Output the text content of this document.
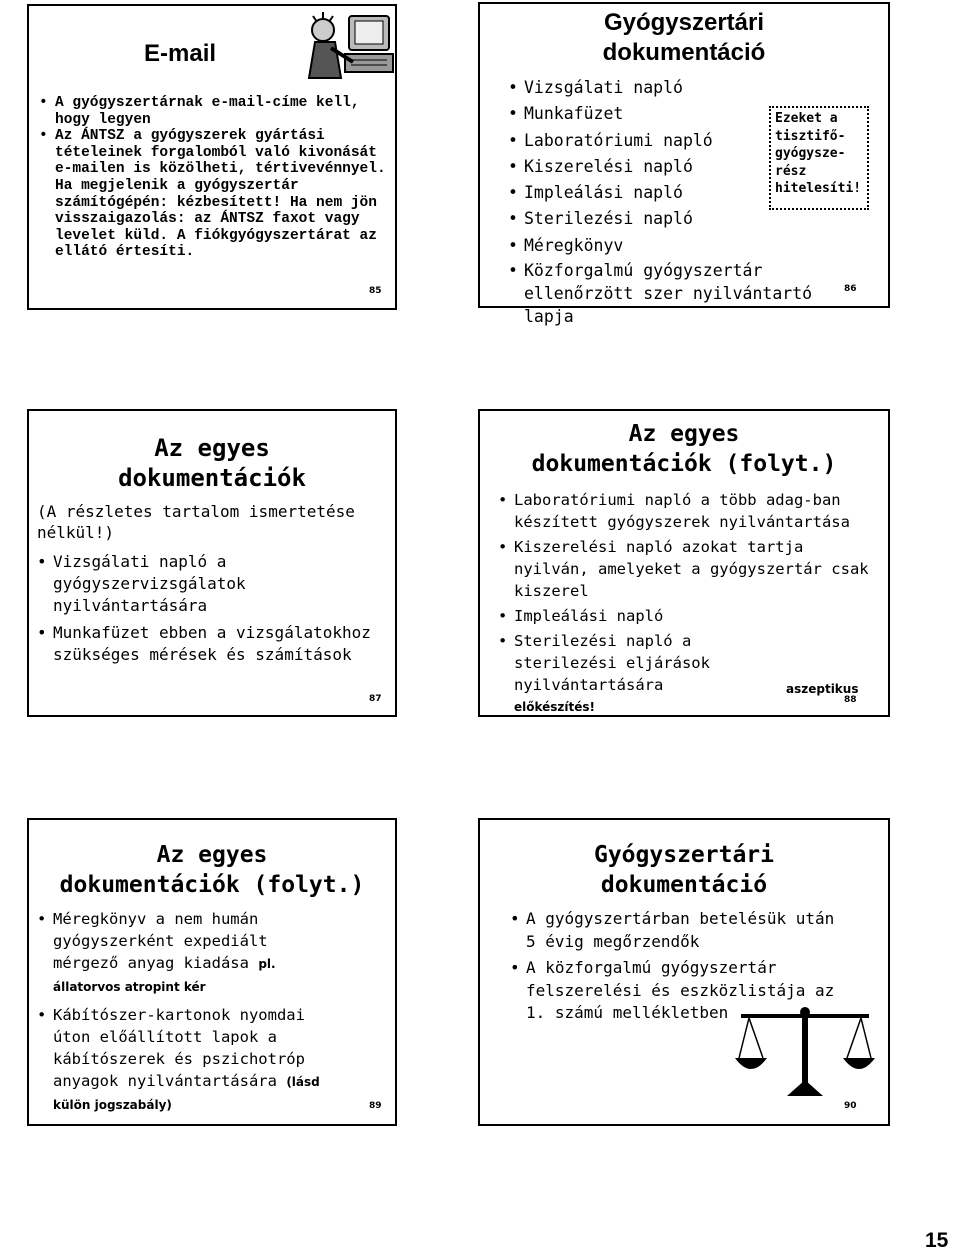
E-mail
• A gyógyszertárnak e-mail-címe kell, hogy legyen
• Az ÁNTSZ a gyógyszerek gyártási tételeinek forgalomból való kivonását e-mailen is közölheti, tértivevénnyel. Ha megjelenik a gyógyszertár számítógépén: kézbesített! Ha nem jön visszaigazolás: az ÁNTSZ faxot vagy levelet küld. A fiókgyógyszertárat az ellátó értesíti.
85
Gyógyszertári
dokumentáció
• Vizsgálati napló
• Munkafüzet
• Laboratóriumi napló
• Kiszerelési napló
• Impleálási napló
• Sterilezési napló
• Méregkönyv
• Közforgalmú gyógyszertár ellenőrzött szer nyilvántartó lapja
Ezeket a
tisztifő-
gyógysze-
rész
hitelesíti!
86
Az egyes
dokumentációk
(A részletes tartalom ismertetése nélkül!)
• Vizsgálati napló a gyógyszervizsgálatok nyilvántartására
• Munkafüzet ebben a vizsgálatokhoz szükséges mérések és számítások
87
Az egyes
dokumentációk (folyt.)
• Laboratóriumi napló a több adag-ban készített gyógyszerek nyilvántartása
• Kiszerelési napló azokat tartja nyilván, amelyeket a gyógyszertár csak kiszerel
• Impleálási napló
• Sterilezési napló a sterilezési eljárások nyilvántartására	aszeptikus
előkészítés!	88
Az egyes
dokumentációk (folyt.)
• Méregkönyv a nem humán gyógyszerként expediált mérgező anyag kiadása pl. állatorvos atropint kér
• Kábítószer-kartonok nyomdai úton előállított lapok a kábítószerek és pszichotróp anyagok nyilvántartására (lásd külön jogszabály)	89
Gyógyszertári
dokumentáció
• A gyógyszertárban betelésük után 5 évig megőrzendők
• A közforgalmú gyógyszertár felszerelési és eszközlistája az 1. számú mellékletben
90
15
